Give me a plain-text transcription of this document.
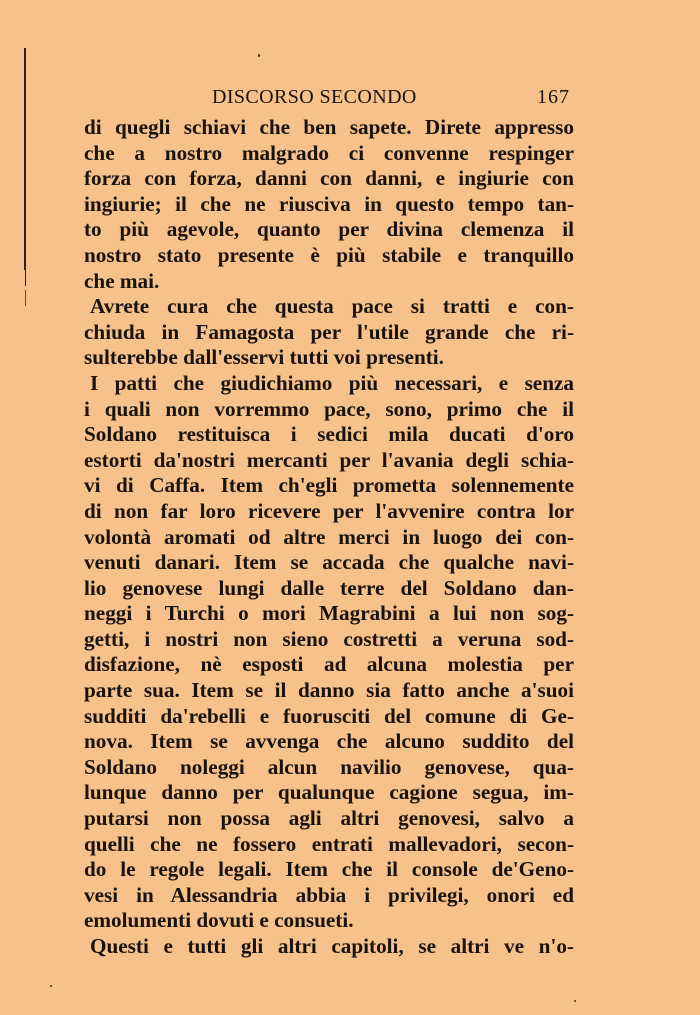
DISCORSO SECONDO	167
di quegli schiavi che ben sapete. Direte appresso
che a nostro malgrado ci convenne respinger
forza con forza, danni con danni, e ingiurie con
ingiurie; il che ne riusciva in questo tempo tan-
to più agevole, quanto per divina clemenza il
nostro stato presente è più stabile e tranquillo
che mai.
Avrete cura che questa pace si tratti e con-
chiuda in Famagosta per l'utile grande che ri-
sulterebbe dall'esservi tutti voi presenti.
I patti che giudichiamo più necessari, e senza
i quali non vorremmo pace, sono, primo che il
Soldano restituisca i sedici mila ducati d'oro
estorti da'nostri mercanti per l'avania degli schia-
vi di Caffa. Item ch'egli prometta solennemente
di non far loro ricevere per l'avvenire contra lor
volontà aromati od altre merci in luogo dei con-
venuti danari. Item se accada che qualche navi-
lio genovese lungi dalle terre del Soldano dan-
neggi i Turchi o mori Magrabini a lui non sog-
getti, i nostri non sieno costretti a veruna sod-
disfazione, nè esposti ad alcuna molestia per
parte sua. Item se il danno sia fatto anche a'suoi
sudditi da'rebelli e fuorusciti del comune di Ge-
nova. Item se avvenga che alcuno suddito del
Soldano noleggi alcun navilio genovese, qua-
lunque danno per qualunque cagione segua, im-
putarsi non possa agli altri genovesi, salvo a
quelli che ne fossero entrati mallevadori, secon-
do le regole legali. Item che il console de'Geno-
vesi in Alessandria abbia i privilegi, onori ed
emolumenti dovuti e consueti.
Questi e tutti gli altri capitoli, se altri ve n'o-
